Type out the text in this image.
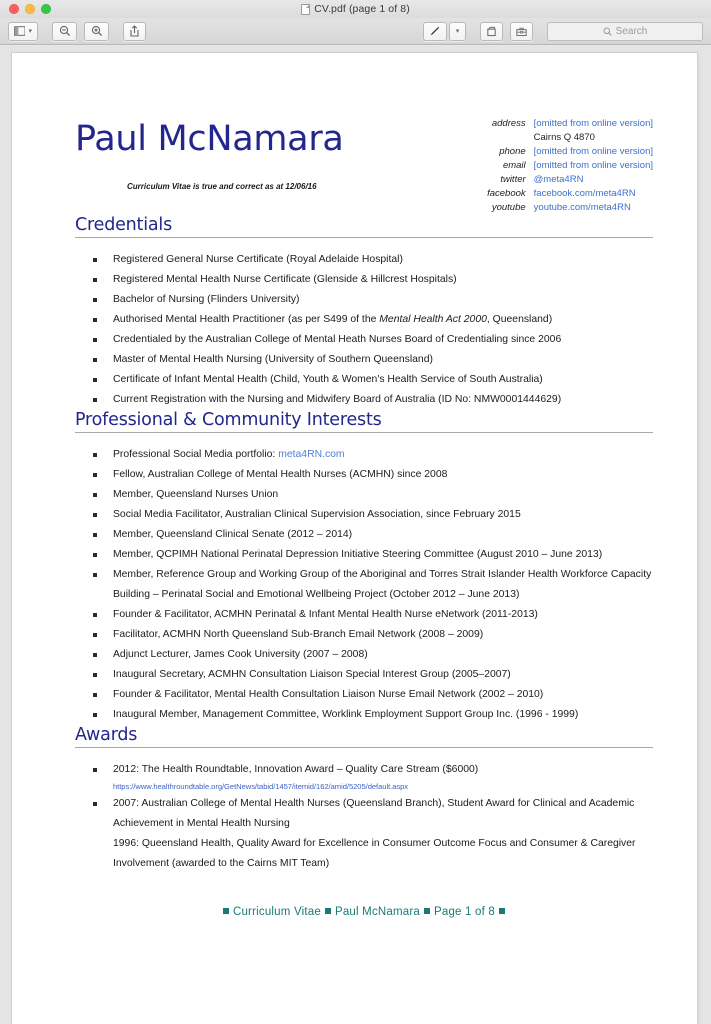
CV.pdf (page 1 of 8)
▾	▾	Search
Paul McNamara
Curriculum Vitae is true and correct as at 12/06/16
address [omitted from online version]
Cairns Q 4870
phone [omitted from online version]
email [omitted from online version]
twitter @meta4RN
facebook facebook.com/meta4RN
youtube youtube.com/meta4RN
Credentials
Registered General Nurse Certificate (Royal Adelaide Hospital)
Registered Mental Health Nurse Certificate (Glenside & Hillcrest Hospitals)
Bachelor of Nursing (Flinders University)
Authorised Mental Health Practitioner (as per S499 of the Mental Health Act 2000, Queensland)
Credentialed by the Australian College of Mental Heath Nurses Board of Credentialing since 2006
Master of Mental Health Nursing (University of Southern Queensland)
Certificate of Infant Mental Health (Child, Youth & Women's Health Service of South Australia)
Current Registration with the Nursing and Midwifery Board of Australia (ID No: NMW0001444629)
Professional & Community Interests
Professional Social Media portfolio: meta4RN.com
Fellow, Australian College of Mental Health Nurses (ACMHN) since 2008
Member, Queensland Nurses Union
Social Media Facilitator, Australian Clinical Supervision Association, since February 2015
Member, Queensland Clinical Senate (2012 – 2014)
Member, QCPIMH National Perinatal Depression Initiative Steering Committee (August 2010 – June 2013)
Member, Reference Group and Working Group of the Aboriginal and Torres Strait Islander Health Workforce Capacity Building – Perinatal Social and Emotional Wellbeing Project (October 2012 – June 2013)
Founder & Facilitator, ACMHN Perinatal & Infant Mental Health Nurse eNetwork (2011-2013)
Facilitator, ACMHN North Queensland Sub-Branch Email Network (2008 – 2009)
Adjunct Lecturer, James Cook University (2007 – 2008)
Inaugural Secretary, ACMHN Consultation Liaison Special Interest Group (2005–2007)
Founder & Facilitator, Mental Health Consultation Liaison Nurse Email Network (2002 – 2010)
Inaugural Member, Management Committee, Worklink Employment Support Group Inc. (1996 - 1999)
Awards
2012: The Health Roundtable, Innovation Award – Quality Care Stream ($6000)
https://www.healthroundtable.org/GetNews/tabid/1457/itemid/162/amid/5205/default.aspx
2007: Australian College of Mental Health Nurses (Queensland Branch), Student Award for Clinical and Academic Achievement in Mental Health Nursing
1996: Queensland Health, Quality Award for Excellence in Consumer Outcome Focus and Consumer & Caregiver Involvement (awarded to the Cairns MIT Team)
Curriculum Vitae Paul McNamara Page 1 of 8
